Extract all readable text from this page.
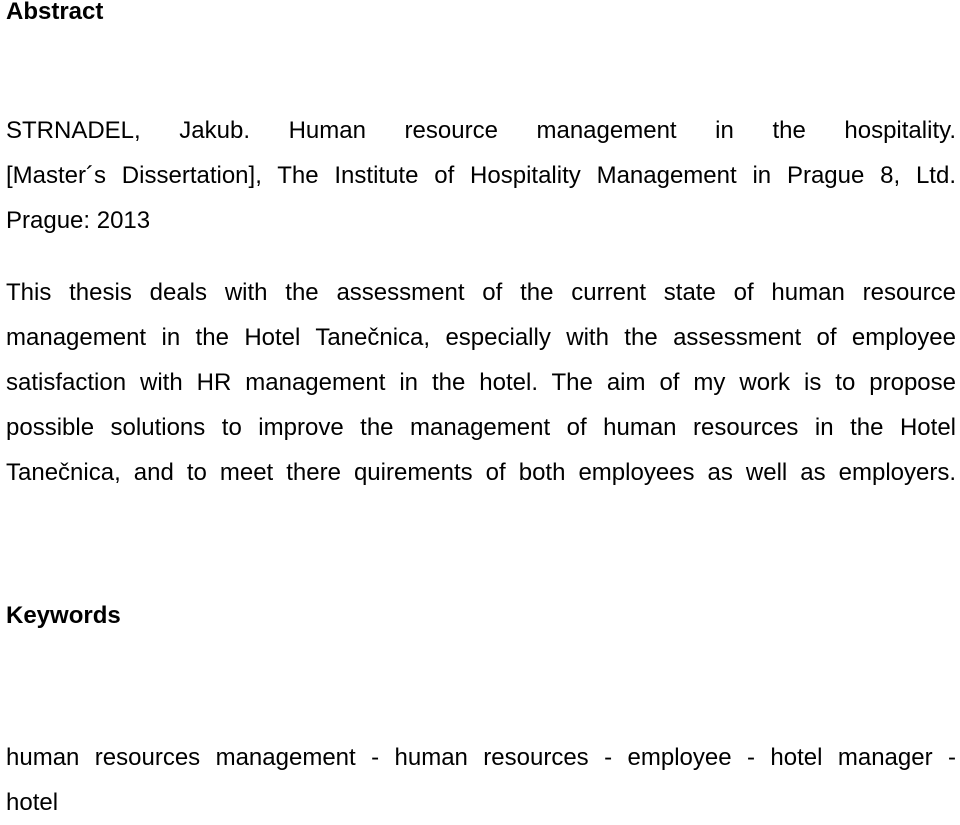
Abstract

STRNADEL, Jakub. Human resource management in the hospitality.
[Master´s Dissertation], The Institute of Hospitality Management in Prague 8, Ltd.
Prague: 2013

This thesis deals with the assessment of the current state of human resource
management in the Hotel Tanečnica, especially with the assessment of employee
satisfaction with HR management in the hotel. The aim of my work is to propose
possible solutions to improve the management of human resources in the Hotel
Tanečnica, and to meet there quirements of both employees as well as employers.

Keywords

human resources management - human resources - employee - hotel manager -
hotel
